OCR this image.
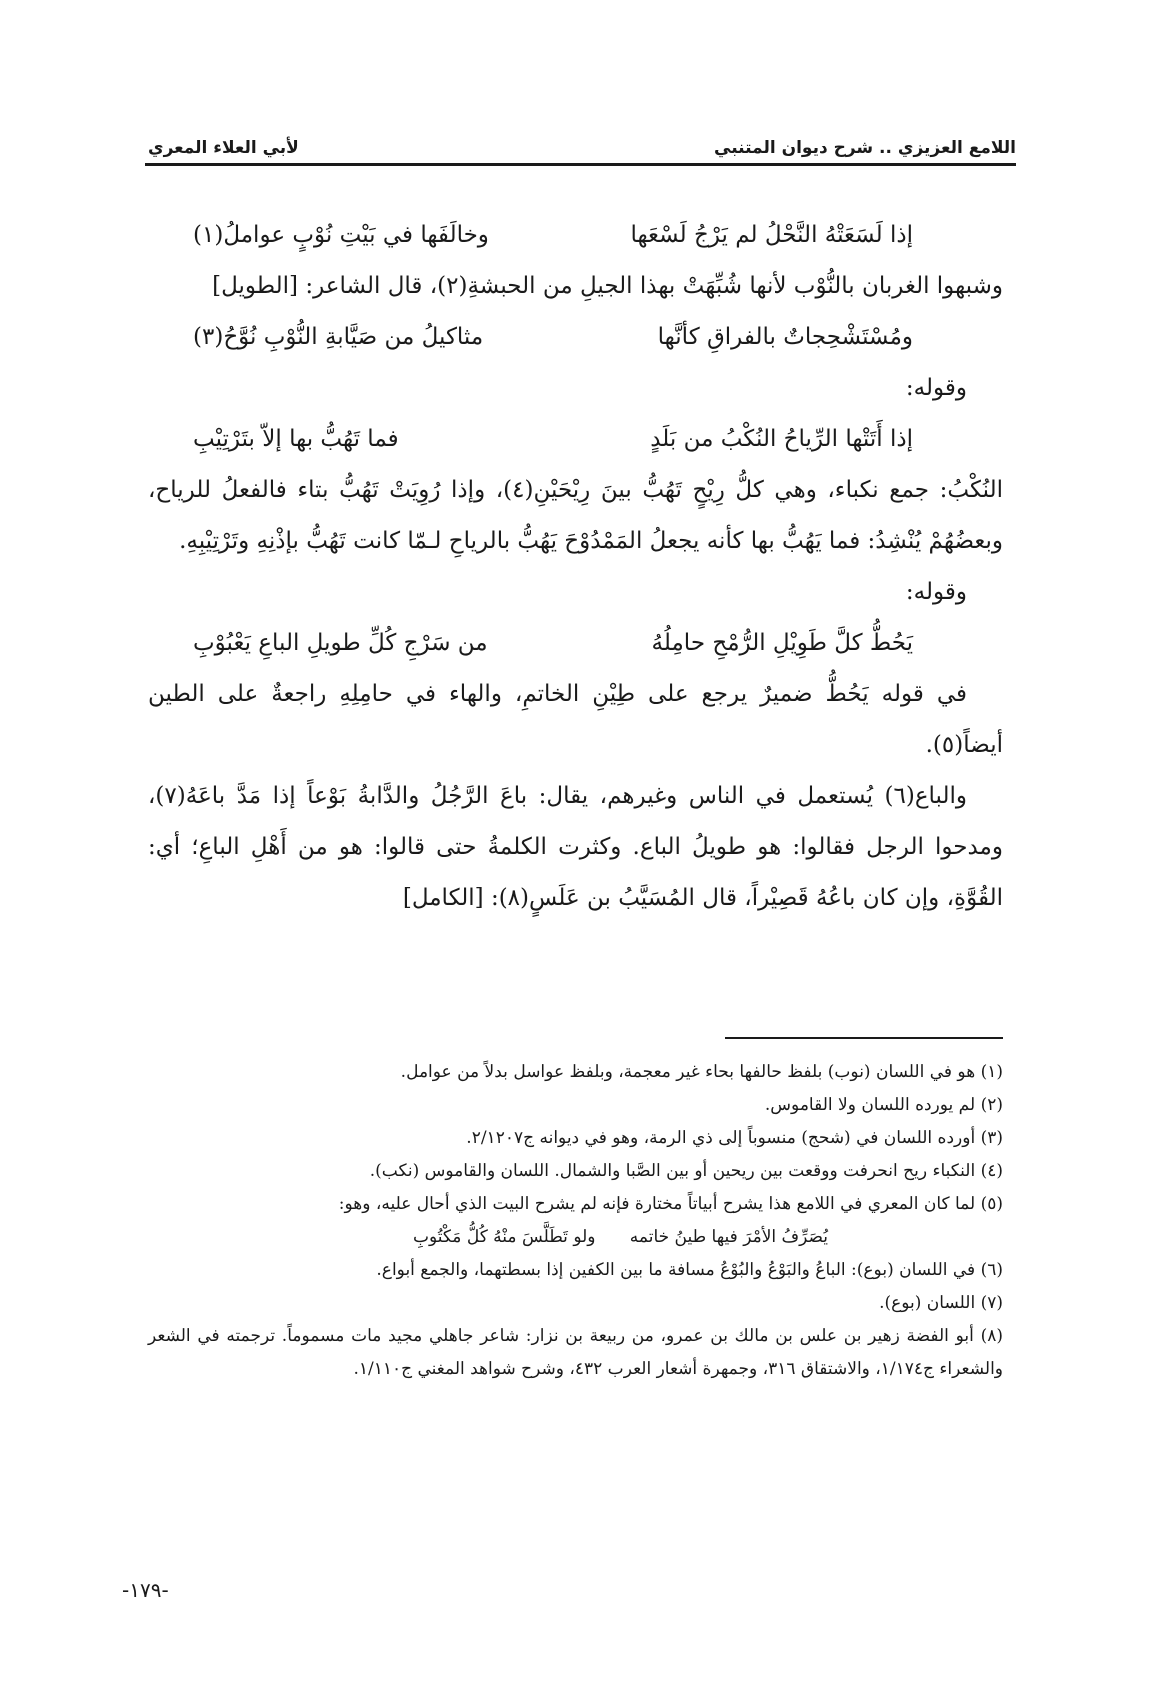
اللامع العزيزي .. شرح ديوان المتنبي
لأبي العلاء المعري
إذا لَسَعَتْهُ النَّحْلُ لم يَرْجُ لَسْعَها
وخالَفَها في بَيْتِ نُوْبٍ عواملُ(١)

وشبهوا الغربان بالنُّوْب لأنها شُبِّهَتْ بهذا الجيلِ من الحبشةِ(٢)، قال الشاعر: [الطويل]

ومُسْتَشْحِجاتٌ بالفراقِ كأنَّها
مثاكيلُ من صَيَّابةِ النُّوْبِ نُوَّحُ(٣)

وقوله:

إذا أَتَتْها الرِّياحُ النُكْبُ من بَلَدٍ
فما تَهُبُّ بها إلاّ بتَرْتِيْبِ

النُكْبُ: جمع نكباء، وهي كلُّ رِيْحٍ تَهُبُّ بينَ رِيْحَيْنِ(٤)، وإذا رُوِيَتْ تَهُبُّ بتاء فالفعلُ للرياح، وبعضُهُمْ يُنْشِدُ: فما يَهُبُّ بها كأنه يجعلُ المَمْدُوْحَ يَهُبُّ بالرياحِ لـمّا كانت تَهُبُّ بإذْنِهِ وتَرْتِيْبِهِ.

وقوله:

يَحُطُّ كلَّ طَوِيْلِ الرُّمْحِ حامِلُهُ
من سَرْجِ كُلِّ طويلِ الباعِ يَعْبُوْبِ

في قوله يَحُطُّ ضميرٌ يرجع على طِيْنِ الخاتمِ، والهاء في حامِلِهِ راجعةٌ على الطين أيضاً(٥).

والباع(٦) يُستعمل في الناس وغيرهم، يقال: باعَ الرَّجُلُ والدَّابةُ بَوْعاً إذا مَدَّ باعَهُ(٧)، ومدحوا الرجل فقالوا: هو طويلُ الباع. وكثرت الكلمةُ حتى قالوا: هو من أَهْلِ الباعِ؛ أي: القُوَّةِ، وإن كان باعُهُ قَصِيْراً، قال المُسَيَّبُ بن عَلَسٍ(٨): [الكامل]

(١) هو في اللسان (نوب) بلفظ حالفها بحاء غير معجمة، وبلفظ عواسل بدلاً من عوامل.

(٢) لم يورده اللسان ولا القاموس.

(٣) أورده اللسان في (شحج) منسوباً إلى ذي الرمة، وهو في ديوانه ج٢/١٢٠٧.

(٤) النكباء ريح انحرفت ووقعت بين ريحين أو بين الصَّبا والشمال. اللسان والقاموس (نكب).

(٥) لما كان المعري في اللامع هذا يشرح أبياتاً مختارة فإنه لم يشرح البيت الذي أحال عليه، وهو:

يُصَرِّفُ الأمْرَ فيها طينُ خاتمه
ولو تَطَلَّسَ منْهُ كُلُّ مَكْتُوبِ

(٦) في اللسان (بوع): الباعُ والبَوْعُ والبُوْعُ مسافة ما بين الكفين إذا بسطتهما، والجمع أبواع.

(٧) اللسان (بوع).

(٨) أبو الفضة زهير بن علس بن مالك بن عمرو، من ربيعة بن نزار: شاعر جاهلي مجيد مات مسموماً. ترجمته في الشعر والشعراء ج١/١٧٤، والاشتقاق ٣١٦، وجمهرة أشعار العرب ٤٣٢، وشرح شواهد المغني ج١/١١٠.

-١٧٩-
